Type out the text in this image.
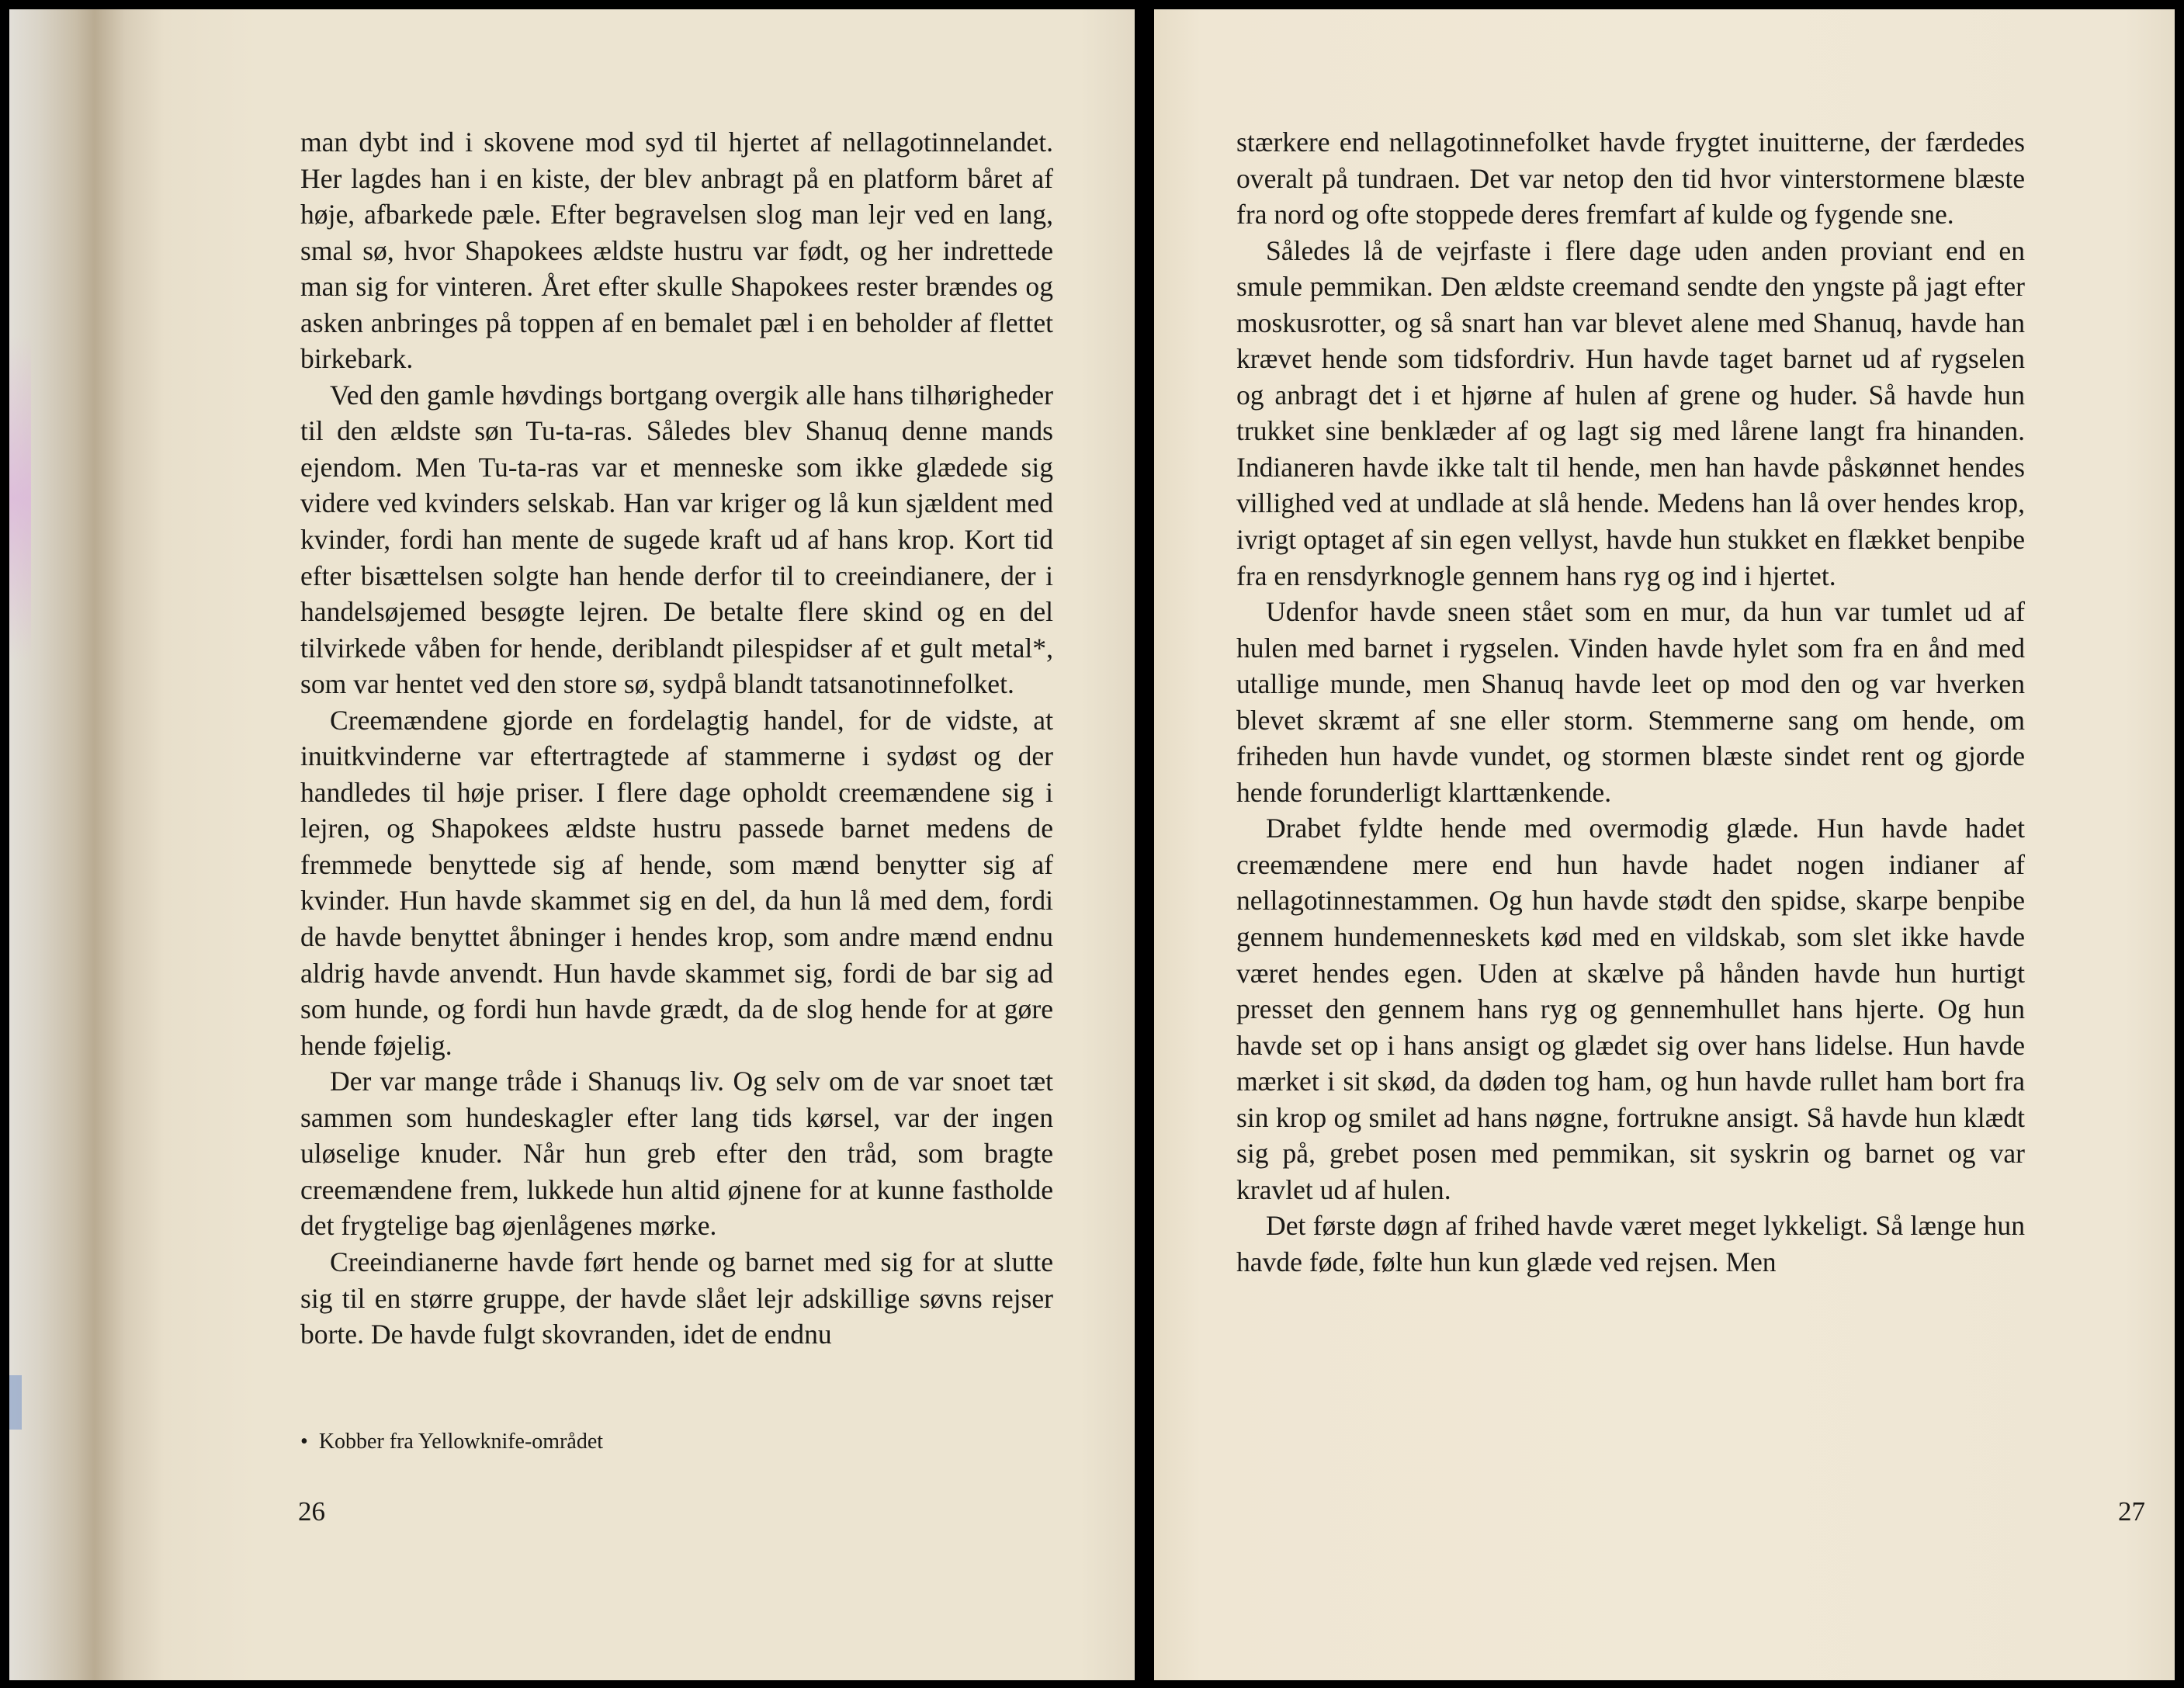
man dybt ind i skovene mod syd til hjertet af nellagotinnelandet. Her lagdes han i en kiste, der blev anbragt på en platform båret af høje, afbarkede pæle. Efter begravelsen slog man lejr ved en lang, smal sø, hvor Shapokees ældste hustru var født, og her indrettede man sig for vinteren. Året efter skulle Shapokees rester brændes og asken anbringes på toppen af en bemalet pæl i en beholder af flettet birkebark.

Ved den gamle høvdings bortgang overgik alle hans tilhørigheder til den ældste søn Tu-ta-ras. Således blev Shanuq denne mands ejendom. Men Tu-ta-ras var et menneske som ikke glædede sig videre ved kvinders selskab. Han var kriger og lå kun sjældent med kvinder, fordi han mente de sugede kraft ud af hans krop. Kort tid efter bisættelsen solgte han hende derfor til to creeindianere, der i handelsøjemed besøgte lejren. De betalte flere skind og en del tilvirkede våben for hende, deriblandt pilespidser af et gult metal*, som var hentet ved den store sø, sydpå blandt tatsanotinnefolket.

Creemændene gjorde en fordelagtig handel, for de vidste, at inuitkvinderne var eftertragtede af stammerne i sydøst og der handledes til høje priser. I flere dage opholdt creemændene sig i lejren, og Shapokees ældste hustru passede barnet medens de fremmede benyttede sig af hende, som mænd benytter sig af kvinder. Hun havde skammet sig en del, da hun lå med dem, fordi de havde benyttet åbninger i hendes krop, som andre mænd endnu aldrig havde anvendt. Hun havde skammet sig, fordi de bar sig ad som hunde, og fordi hun havde grædt, da de slog hende for at gøre hende føjelig.

Der var mange tråde i Shanuqs liv. Og selv om de var snoet tæt sammen som hundeskagler efter lang tids kørsel, var der ingen uløselige knuder. Når hun greb efter den tråd, som bragte creemændene frem, lukkede hun altid øjnene for at kunne fastholde det frygtelige bag øjenlågenes mørke.

Creeindianerne havde ført hende og barnet med sig for at slutte sig til en større gruppe, der havde slået lejr adskillige søvns rejser borte. De havde fulgt skovranden, idet de endnu

• Kobber fra Yellowknife-området
26

stærkere end nellagotinnefolket havde frygtet inuitterne, der færdedes overalt på tundraen. Det var netop den tid hvor vinterstormene blæste fra nord og ofte stoppede deres fremfart af kulde og fygende sne.

Således lå de vejrfaste i flere dage uden anden proviant end en smule pemmikan. Den ældste creemand sendte den yngste på jagt efter moskusrotter, og så snart han var blevet alene med Shanuq, havde han krævet hende som tidsfordriv. Hun havde taget barnet ud af rygselen og anbragt det i et hjørne af hulen af grene og huder. Så havde hun trukket sine benklæder af og lagt sig med lårene langt fra hinanden. Indianeren havde ikke talt til hende, men han havde påskønnet hendes villighed ved at undlade at slå hende. Medens han lå over hendes krop, ivrigt optaget af sin egen vellyst, havde hun stukket en flækket benpibe fra en rensdyrknogle gennem hans ryg og ind i hjertet.

Udenfor havde sneen stået som en mur, da hun var tumlet ud af hulen med barnet i rygselen. Vinden havde hylet som fra en ånd med utallige munde, men Shanuq havde leet op mod den og var hverken blevet skræmt af sne eller storm. Stemmerne sang om hende, om friheden hun havde vundet, og stormen blæste sindet rent og gjorde hende forunderligt klarttænkende.

Drabet fyldte hende med overmodig glæde. Hun havde hadet creemændene mere end hun havde hadet nogen indianer af nellagotinnestammen. Og hun havde stødt den spidse, skarpe benpibe gennem hundemenneskets kød med en vildskab, som slet ikke havde været hendes egen. Uden at skælve på hånden havde hun hurtigt presset den gennem hans ryg og gennemhullet hans hjerte. Og hun havde set op i hans ansigt og glædet sig over hans lidelse. Hun havde mærket i sit skød, da døden tog ham, og hun havde rullet ham bort fra sin krop og smilet ad hans nøgne, fortrukne ansigt. Så havde hun klædt sig på, grebet posen med pemmikan, sit syskrin og barnet og var kravlet ud af hulen.

Det første døgn af frihed havde været meget lykkeligt. Så længe hun havde føde, følte hun kun glæde ved rejsen. Men

27
